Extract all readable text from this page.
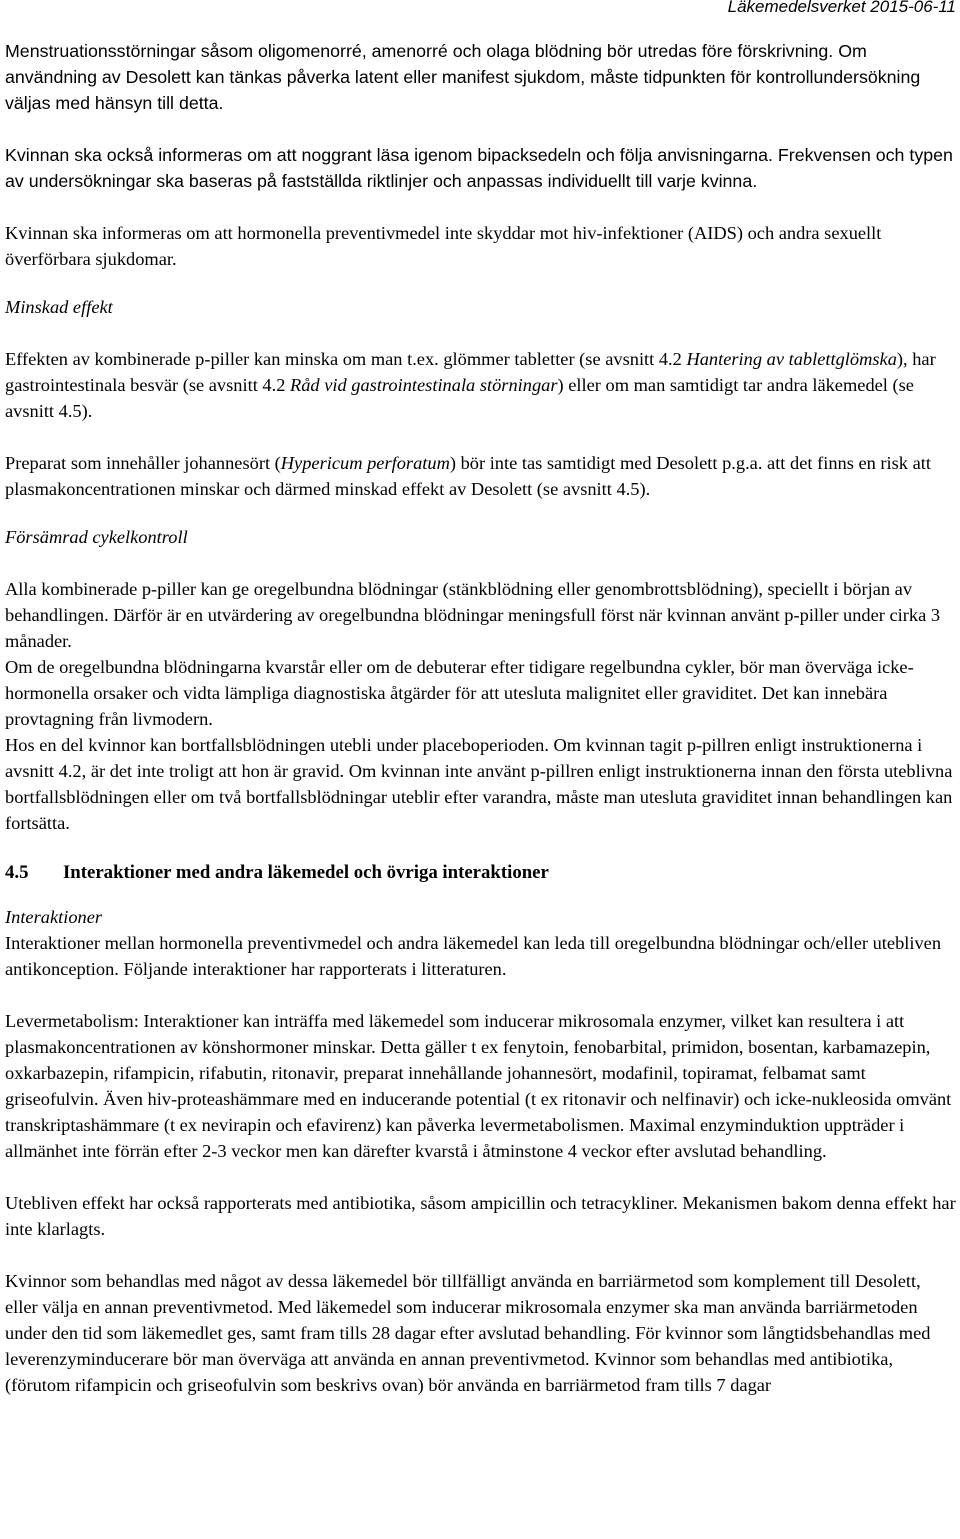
Läkemedelsverket 2015-06-11

Menstruationsstörningar såsom oligomenorré, amenorré och olaga blödning bör utredas före förskrivning. Om användning av Desolett kan tänkas påverka latent eller manifest sjukdom, måste tidpunkten för kontrollundersökning väljas med hänsyn till detta.

Kvinnan ska också informeras om att noggrant läsa igenom bipacksedeln och följa anvisningarna. Frekvensen och typen av undersökningar ska baseras på fastställda riktlinjer och anpassas individuellt till varje kvinna.

Kvinnan ska informeras om att hormonella preventivmedel inte skyddar mot hiv-infektioner (AIDS) och andra sexuellt överförbara sjukdomar.

Minskad effekt

Effekten av kombinerade p-piller kan minska om man t.ex. glömmer tabletter (se avsnitt 4.2 Hantering av tablettglömska), har gastrointestinala besvär (se avsnitt 4.2 Råd vid gastrointestinala störningar) eller om man samtidigt tar andra läkemedel (se avsnitt 4.5).

Preparat som innehåller johannesört (Hypericum perforatum) bör inte tas samtidigt med Desolett p.g.a. att det finns en risk att plasmakoncentrationen minskar och därmed minskad effekt av Desolett (se avsnitt 4.5).

Försämrad cykelkontroll

Alla kombinerade p-piller kan ge oregelbundna blödningar (stänkblödning eller genombrottsblödning), speciellt i början av behandlingen. Därför är en utvärdering av oregelbundna blödningar meningsfull först när kvinnan använt p-piller under cirka 3 månader.

Om de oregelbundna blödningarna kvarstår eller om de debuterar efter tidigare regelbundna cykler, bör man överväga icke-hormonella orsaker och vidta lämpliga diagnostiska åtgärder för att utesluta malignitet eller graviditet. Det kan innebära provtagning från livmodern.

Hos en del kvinnor kan bortfallsblödningen utebli under placeboperioden. Om kvinnan tagit p-pillren enligt instruktionerna i avsnitt 4.2, är det inte troligt att hon är gravid. Om kvinnan inte använt p-pillren enligt instruktionerna innan den första uteblivna bortfallsblödningen eller om två bortfallsblödningar uteblir efter varandra, måste man utesluta graviditet innan behandlingen kan fortsätta.

4.5 Interaktioner med andra läkemedel och övriga interaktioner

Interaktioner

Interaktioner mellan hormonella preventivmedel och andra läkemedel kan leda till oregelbundna blödningar och/eller utebliven antikonception. Följande interaktioner har rapporterats i litteraturen.

Levermetabolism: Interaktioner kan inträffa med läkemedel som inducerar mikrosomala enzymer, vilket kan resultera i att plasmakoncentrationen av könshormoner minskar. Detta gäller t ex fenytoin, fenobarbital, primidon, bosentan, karbamazepin, oxkarbazepin, rifampicin, rifabutin, ritonavir, preparat innehållande johannesört, modafinil, topiramat, felbamat samt griseofulvin. Även hiv-proteashämmare med en inducerande potential (t ex ritonavir och nelfinavir) och icke-nukleosida omvänt transkriptashämmare (t ex nevirapin och efavirenz) kan påverka levermetabolismen. Maximal enzyminduktion uppträder i allmänhet inte förrän efter 2-3 veckor men kan därefter kvarstå i åtminstone 4 veckor efter avslutad behandling.

Utebliven effekt har också rapporterats med antibiotika, såsom ampicillin och tetracykliner. Mekanismen bakom denna effekt har inte klarlagts.

Kvinnor som behandlas med något av dessa läkemedel bör tillfälligt använda en barriärmetod som komplement till Desolett, eller välja en annan preventivmetod. Med läkemedel som inducerar mikrosomala enzymer ska man använda barriärmetoden under den tid som läkemedlet ges, samt fram tills 28 dagar efter avslutad behandling. För kvinnor som långtidsbehandlas med leverenzyminducerare bör man överväga att använda en annan preventivmetod. Kvinnor som behandlas med antibiotika, (förutom rifampicin och griseofulvin som beskrivs ovan) bör använda en barriärmetod fram tills 7 dagar
